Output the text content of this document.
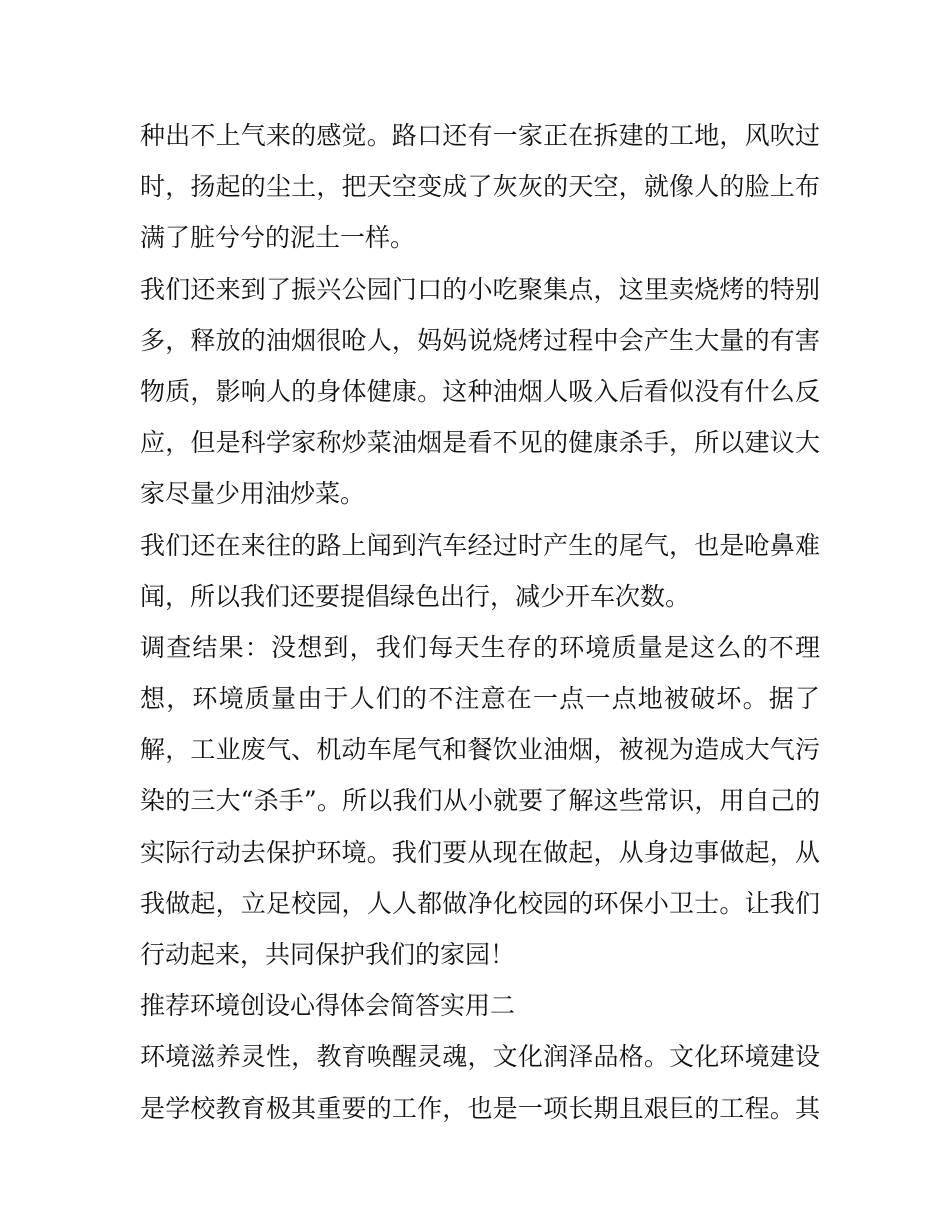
种出不上气来的感觉。路口还有一家正在拆建的工地，风吹过
时，扬起的尘土，把天空变成了灰灰的天空，就像人的脸上布
满了脏兮兮的泥土一样。
我们还来到了振兴公园门口的小吃聚集点，这里卖烧烤的特别
多，释放的油烟很呛人，妈妈说烧烤过程中会产生大量的有害
物质，影响人的身体健康。这种油烟人吸入后看似没有什么反
应，但是科学家称炒菜油烟是看不见的健康杀手，所以建议大
家尽量少用油炒菜。
我们还在来往的路上闻到汽车经过时产生的尾气，也是呛鼻难
闻，所以我们还要提倡绿色出行，减少开车次数。
调查结果：没想到，我们每天生存的环境质量是这么的不理
想，环境质量由于人们的不注意在一点一点地被破坏。据了
解，工业废气、机动车尾气和餐饮业油烟，被视为造成大气污
染的三大“杀手”。所以我们从小就要了解这些常识，用自己的
实际行动去保护环境。我们要从现在做起，从身边事做起，从
我做起，立足校园，人人都做净化校园的环保小卫士。让我们
行动起来，共同保护我们的家园！
推荐环境创设心得体会简答实用二
环境滋养灵性，教育唤醒灵魂，文化润泽品格。文化环境建设
是学校教育极其重要的工作，也是一项长期且艰巨的工程。其
